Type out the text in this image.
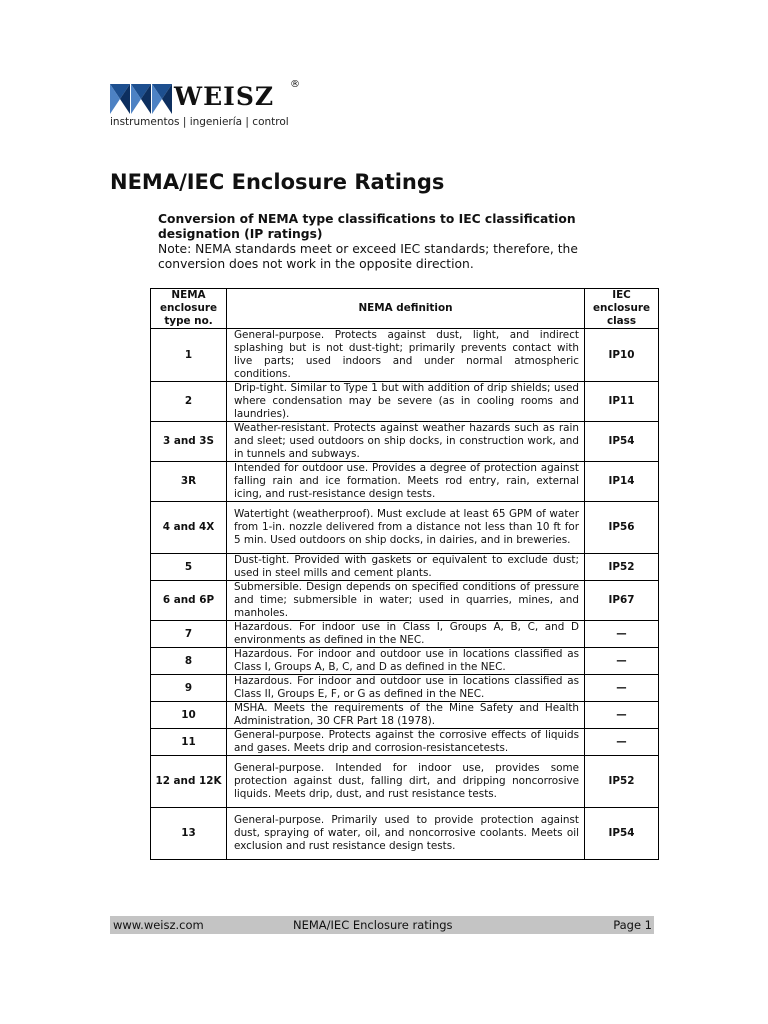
WEISZ ®
instrumentos | ingeniería | control
NEMA/IEC Enclosure Ratings

Conversion of NEMA type classifications to IEC classification designation (IP ratings)

Note: NEMA standards meet or exceed IEC standards; therefore, the conversion does not work in the opposite direction.

NEMA enclosure type no.	NEMA definition	IEC enclosure class
1	General-purpose. Protects against dust, light, and indirect splashing but is not dust-tight; primarily prevents contact with live parts; used indoors and under normal atmospheric conditions.	IP10
2	Drip-tight. Similar to Type 1 but with addition of drip shields; used where condensation may be severe (as in cooling rooms and laundries).	IP11
3 and 3S	Weather-resistant. Protects against weather hazards such as rain and sleet; used outdoors on ship docks, in construction work, and in tunnels and subways.	IP54
3R	Intended for outdoor use. Provides a degree of protection against falling rain and ice formation. Meets rod entry, rain, external icing, and rust-resistance design tests.	IP14
4 and 4X	Watertight (weatherproof). Must exclude at least 65 GPM of water from 1-in. nozzle delivered from a distance not less than 10 ft for 5 min. Used outdoors on ship docks, in dairies, and in breweries.	IP56
5	Dust-tight. Provided with gaskets or equivalent to exclude dust; used in steel mills and cement plants.	IP52
6 and 6P	Submersible. Design depends on specified conditions of pressure and time; submersible in water; used in quarries, mines, and manholes.	IP67
7	Hazardous. For indoor use in Class I, Groups A, B, C, and D environments as defined in the NEC.	—
8	Hazardous. For indoor and outdoor use in locations classified as Class I, Groups A, B, C, and D as defined in the NEC.	—
9	Hazardous. For indoor and outdoor use in locations classified as Class II, Groups E, F, or G as defined in the NEC.	—
10	MSHA. Meets the requirements of the Mine Safety and Health Administration, 30 CFR Part 18 (1978).	—
11	General-purpose. Protects against the corrosive effects of liquids and gases. Meets drip and corrosion-resistancetests.	—
12 and 12K	General-purpose. Intended for indoor use, provides some protection against dust, falling dirt, and dripping noncorrosive liquids. Meets drip, dust, and rust resistance tests.	IP52
13	General-purpose. Primarily used to provide protection against dust, spraying of water, oil, and noncorrosive coolants. Meets oil exclusion and rust resistance design tests.	IP54
www.weisz.com	NEMA/IEC Enclosure ratings	Page 1
